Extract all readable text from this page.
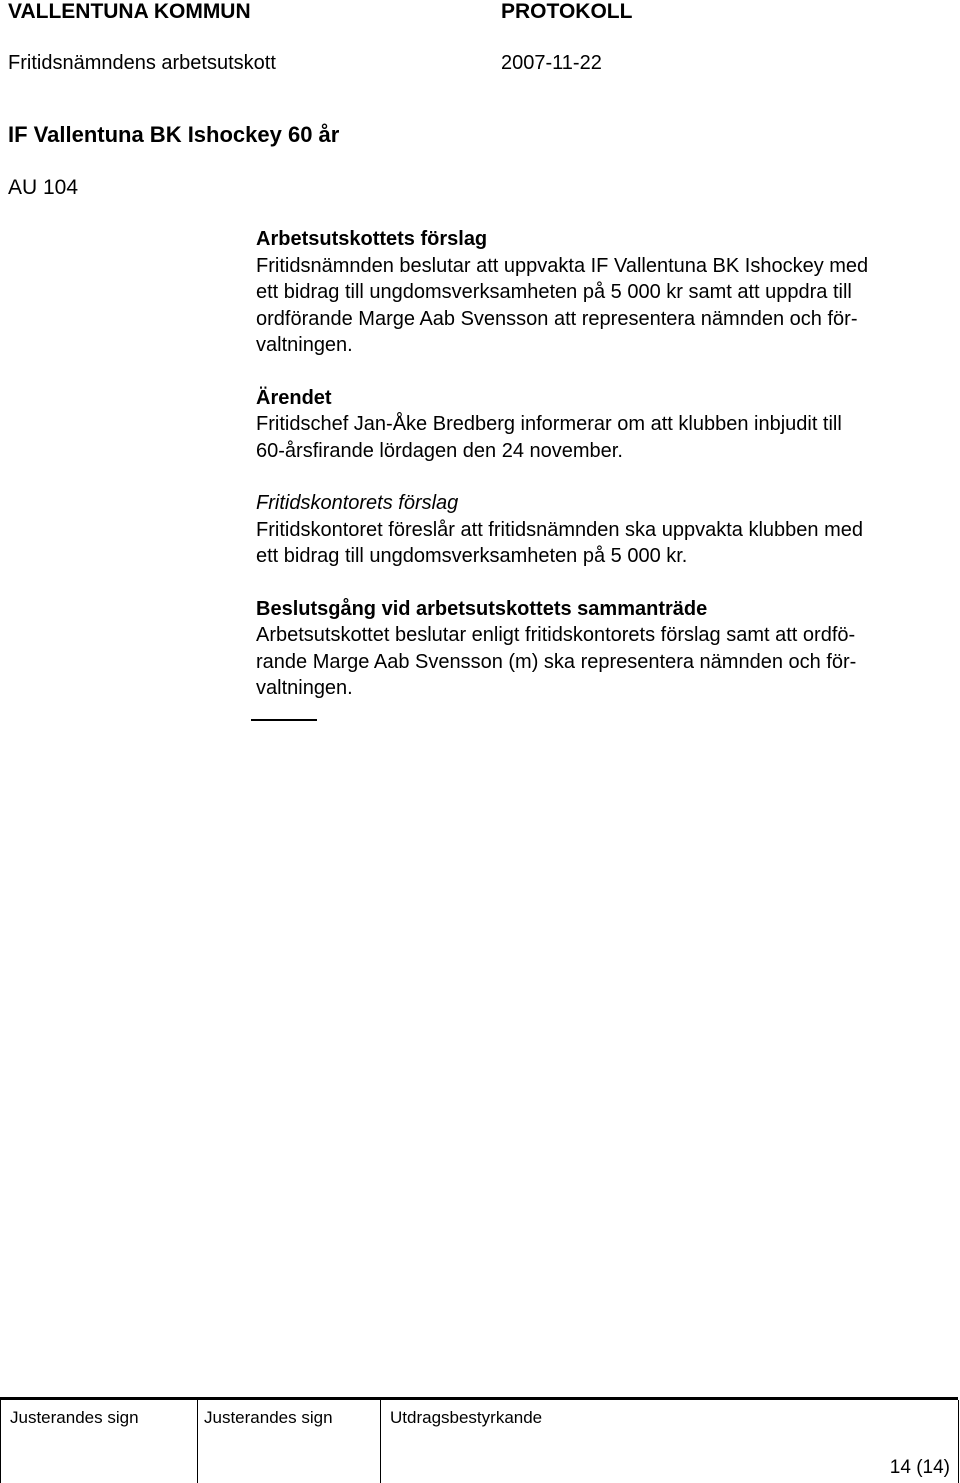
VALLENTUNA KOMMUN	PROTOKOLL
Fritidsnämndens arbetsutskott	2007-11-22
IF Vallentuna BK Ishockey 60 år
AU 104

Arbetsutskottets förslag

Fritidsnämnden beslutar att uppvakta IF Vallentuna BK Ishockey med

ett bidrag till ungdomsverksamheten på 5 000 kr samt att uppdra till

ordförande Marge Aab Svensson att representera nämnden och för-

valtningen.

Ärendet

Fritidschef Jan-Åke Bredberg informerar om att klubben inbjudit till

60-årsfirande lördagen den 24 november.

Fritidskontorets förslag

Fritidskontoret föreslår att fritidsnämnden ska uppvakta klubben med

ett bidrag till ungdomsverksamheten på 5 000 kr.

Beslutsgång vid arbetsutskottets sammanträde

Arbetsutskottet beslutar enligt fritidskontorets förslag samt att ordfö-

rande Marge Aab Svensson (m) ska representera nämnden och för-

valtningen.

Justerandes sign	Justerandes sign	Utdragsbestyrkande
14 (14)
